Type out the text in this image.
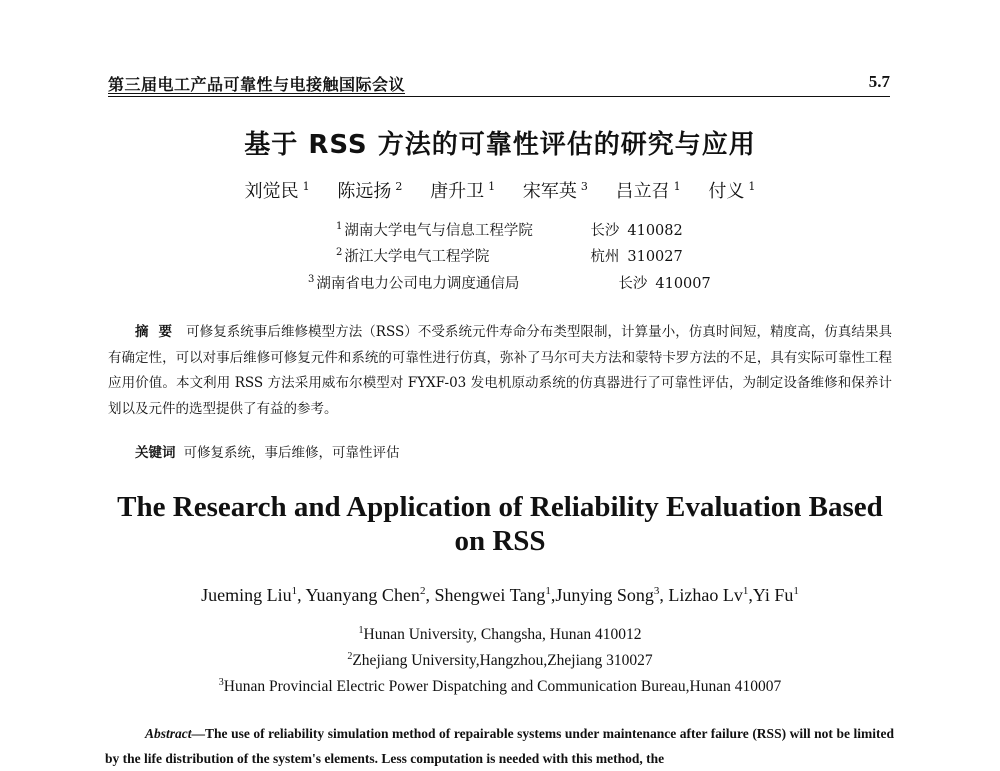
第三届电工产品可靠性与电接触国际会议	5.7
基于 RSS 方法的可靠性评估的研究与应用
刘觉民 $^1$ 陈远扬 $^2$ 唐升卫 $^1$ 宋军英 $^3$ 吕立召 $^1$ 付义 $^1$
$^1$ 湖南大学电气与信息工程学院	长沙 410082
$^2$ 浙江大学电气工程学院	杭州 310027
$^3$ 湖南省电力公司电力调度通信局	长沙 410007
摘要 可修复系统事后维修模型方法（RSS）不受系统元件寿命分布类型限制，计算量小，仿真时间短，精度高，仿真结果具有确定性，可以对事后维修可修复元件和系统的可靠性进行仿真，弥补了马尔可夫方法和蒙特卡罗方法的不足，具有实际可靠性工程应用价值。本文利用 RSS 方法采用威布尔模型对 FYXF-03 发电机原动系统的仿真器进行了可靠性评估，为制定设备维修和保养计划以及元件的选型提供了有益的参考。
关键词 可修复系统，事后维修，可靠性评估
The Research and Application of Reliability Evaluation Based on RSS
Jueming Liu$^1$, Yuanyang Chen$^2$, Shengwei Tang$^1$,Junying Song$^3$, Lizhao Lv$^1$,Yi Fu$^1$
$^1$Hunan University, Changsha, Hunan 410012
$^2$Zhejiang University,Hangzhou,Zhejiang 310027
$^3$Hunan Provincial Electric Power Dispatching and Communication Bureau,Hunan 410007
Abstract—The use of reliability simulation method of repairable systems under maintenance after failure (RSS) will not be limited by the life distribution of the system's elements. Less computation is needed with this method, the
